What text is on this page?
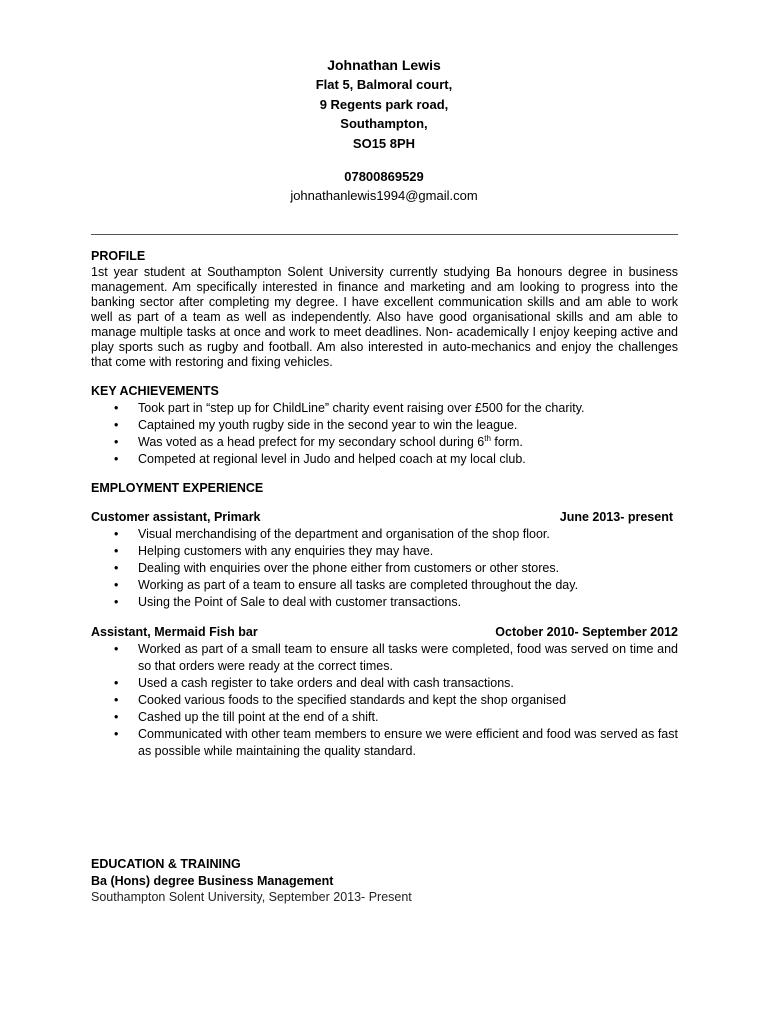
Johnathan Lewis
Flat 5, Balmoral court,
9 Regents park road,
Southampton,
SO15 8PH
07800869529
johnathanlewis1994@gmail.com
PROFILE

1st year student at Southampton Solent University currently studying Ba honours degree in business management. Am specifically interested in finance and marketing and am looking to progress into the banking sector after completing my degree. I have excellent communication skills and am able to work well as part of a team as well as independently. Also have good organisational skills and am able to manage multiple tasks at once and work to meet deadlines. Non- academically I enjoy keeping active and play sports such as rugby and football. Am also interested in auto-mechanics and enjoy the challenges that come with restoring and fixing vehicles.

KEY ACHIEVEMENTS
• Took part in “step up for ChildLine” charity event raising over £500 for the charity.
• Captained my youth rugby side in the second year to win the league.
• Was voted as a head prefect for my secondary school during 6th form.
• Competed at regional level in Judo and helped coach at my local club.
EMPLOYMENT EXPERIENCE
Customer assistant, Primark	June 2013- present
• Visual merchandising of the department and organisation of the shop floor.
• Helping customers with any enquiries they may have.
• Dealing with enquiries over the phone either from customers or other stores.
• Working as part of a team to ensure all tasks are completed throughout the day.
• Using the Point of Sale to deal with customer transactions.
Assistant, Mermaid Fish bar	October 2010- September 2012
• Worked as part of a small team to ensure all tasks were completed, food was served on time and so that orders were ready at the correct times.
• Used a cash register to take orders and deal with cash transactions.
• Cooked various foods to the specified standards and kept the shop organised
• Cashed up the till point at the end of a shift.
• Communicated with other team members to ensure we were efficient and food was served as fast as possible while maintaining the quality standard.
EDUCATION & TRAINING
Ba (Hons) degree Business Management
Southampton Solent University, September 2013- Present
